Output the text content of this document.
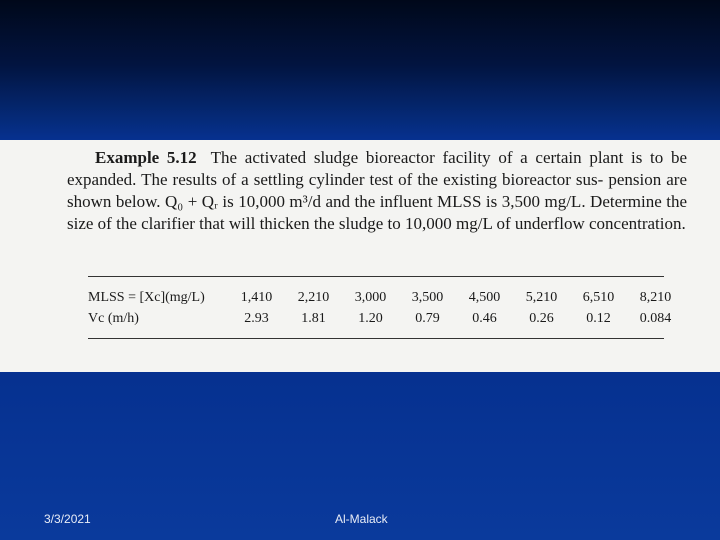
Example 5.12 The activated sludge bioreactor facility of a certain plant is to be expanded. The results of a settling cylinder test of the existing bioreactor sus- pension are shown below. Q₀ + Qᵣ is 10,000 m³/d and the influent MLSS is 3,500 mg/L. Determine the size of the clarifier that will thicken the sludge to 10,000 mg/L of underflow concentration.
MLSS = [Xc](mg/L)	1,410	2,210	3,000	3,500	4,500	5,210	6,510	8,210
Vc (m/h)	2.93	1.81	1.20	0.79	0.46	0.26	0.12	0.084
3/3/2021	Al-Malack
